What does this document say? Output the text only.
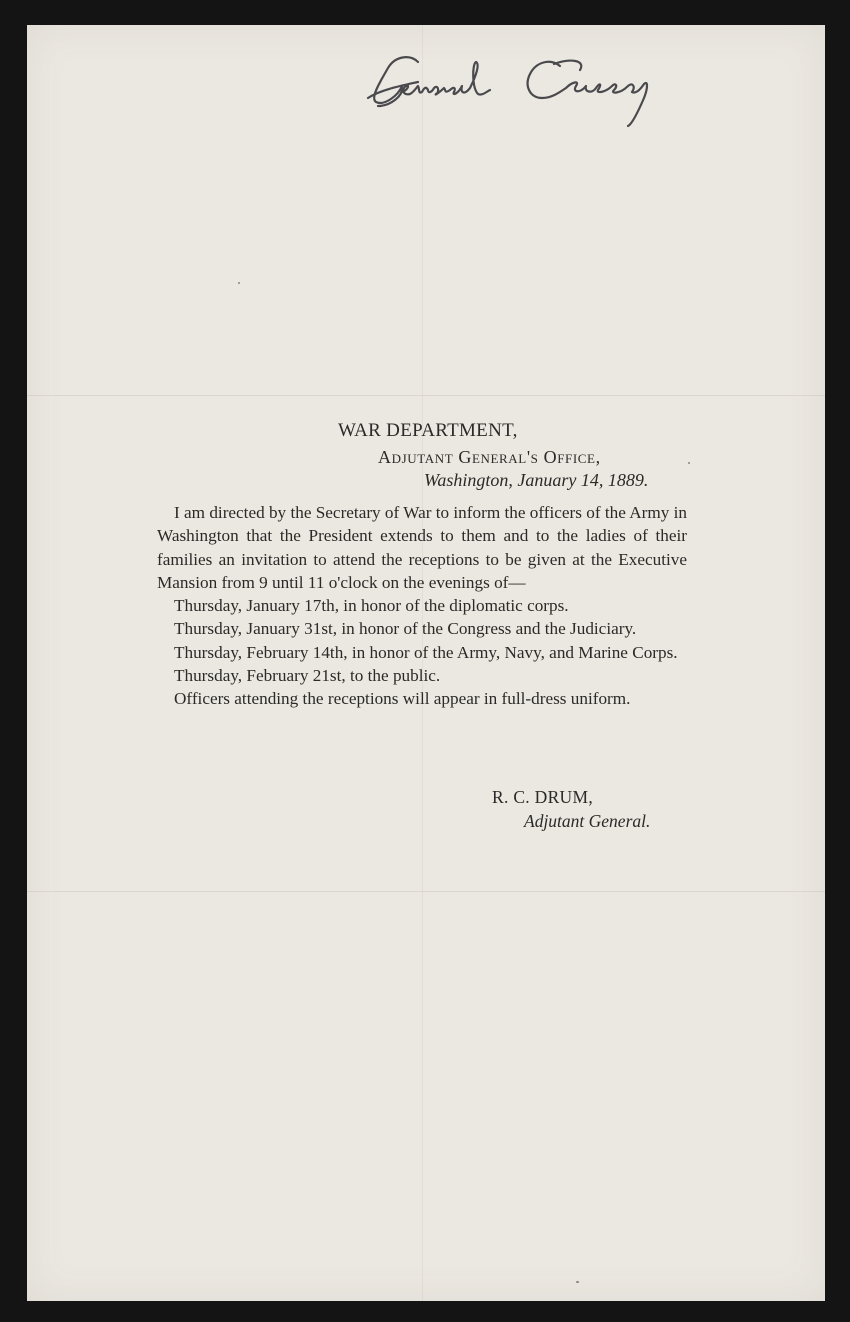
WAR DEPARTMENT,
Adjutant General's Office,
Washington, January 14, 1889.

I am directed by the Secretary of War to inform the officers of the Army in Washington that the President extends to them and to the ladies of their families an invitation to attend the receptions to be given at the Executive Mansion from 9 until 11 o'clock on the evenings of—

Thursday, January 17th, in honor of the diplomatic corps.

Thursday, January 31st, in honor of the Congress and the Judiciary.

Thursday, February 14th, in honor of the Army, Navy, and Marine Corps.

Thursday, February 21st, to the public.

Officers attending the receptions will appear in full-dress uniform.

R. C. DRUM,
Adjutant General.
